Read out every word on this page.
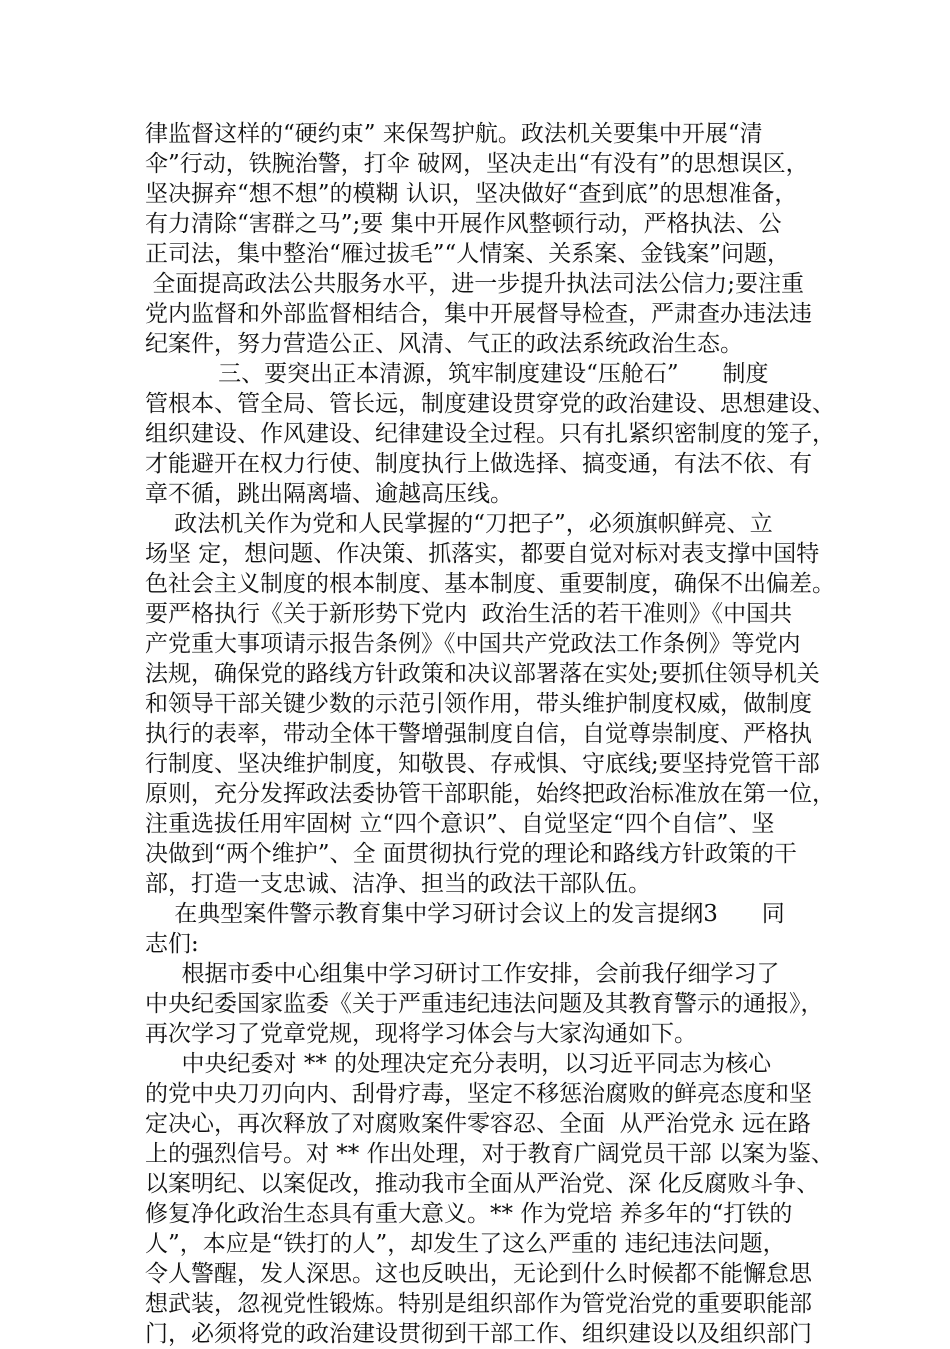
律监督这样的“硬约束” 来保驾护航。政法机关要集中开展“清
伞”行动，铁腕治警，打伞 破网，坚决走出“有没有”的思想误区，
坚决摒弃“想不想”的模糊 认识，坚决做好“查到底”的思想准备，
有力清除“害群之马”;要 集中开展作风整顿行动，严格执法、公
正司法，集中整治“雁过拔毛”“人情案、关系案、金钱案”问题，
全面提高政法公共服务水平，进一步提升执法司法公信力;要注重
党内监督和外部监督相结合，集中开展督导检查，严肃查办违法违
纪案件，努力营造公正、风清、气正的政法系统政治生态。
三、要突出正本清源，筑牢制度建设“压舱石”      制度
管根本、管全局、管长远，制度建设贯穿党的政治建设、思想建设、
组织建设、作风建设、纪律建设全过程。只有扎紧织密制度的笼子，
才能避开在权力行使、制度执行上做选择、搞变通，有法不依、有
章不循，跳出隔离墙、逾越高压线。
政法机关作为党和人民掌握的“刀把子”，必须旗帜鲜亮、立
场坚 定，想问题、作决策、抓落实，都要自觉对标对表支撑中国特
色社会主义制度的根本制度、基本制度、重要制度，确保不出偏差。
要严格执行《关于新形势下党内  政治生活的若干准则》《中国共
产党重大事项请示报告条例》《中国共产党政法工作条例》等党内
法规，确保党的路线方针政策和决议部署落在实处;要抓住领导机关
和领导干部关键少数的示范引领作用，带头维护制度权威，做制度
执行的表率，带动全体干警增强制度自信，自觉尊崇制度、严格执
行制度、坚决维护制度，知敬畏、存戒惧、守底线;要坚持党管干部
原则，充分发挥政法委协管干部职能，始终把政治标准放在第一位，
注重选拔任用牢固树 立“四个意识”、自觉坚定“四个自信”、坚
决做到“两个维护”、全 面贯彻执行党的理论和路线方针政策的干
部，打造一支忠诚、洁净、担当的政法干部队伍。
在典型案件警示教育集中学习研讨会议上的发言提纲3      同
志们:
根据市委中心组集中学习研讨工作安排，会前我仔细学习了
中央纪委国家监委《关于严重违纪违法问题及其教育警示的通报》，
再次学习了党章党规，现将学习体会与大家沟通如下。
中央纪委对 ** 的处理决定充分表明，以习近平同志为核心
的党中央刀刃向内、刮骨疗毒，坚定不移惩治腐败的鲜亮态度和坚
定决心，再次释放了对腐败案件零容忍、全面  从严治党永 远在路
上的强烈信号。对 ** 作出处理，对于教育广阔党员干部 以案为鉴、
以案明纪、以案促改，推动我市全面从严治党、深 化反腐败斗争、
修复净化政治生态具有重大意义。** 作为党培 养多年的“打铁的
人”，本应是“铁打的人”，却发生了这么严重的 违纪违法问题，
令人警醒，发人深思。这也反映出，无论到什么时候都不能懈怠思
想武装，忽视党性锻炼。特别是组织部作为管党治党的重要职能部
门，必须将党的政治建设贯彻到干部工作、组织建设以及组织部门
